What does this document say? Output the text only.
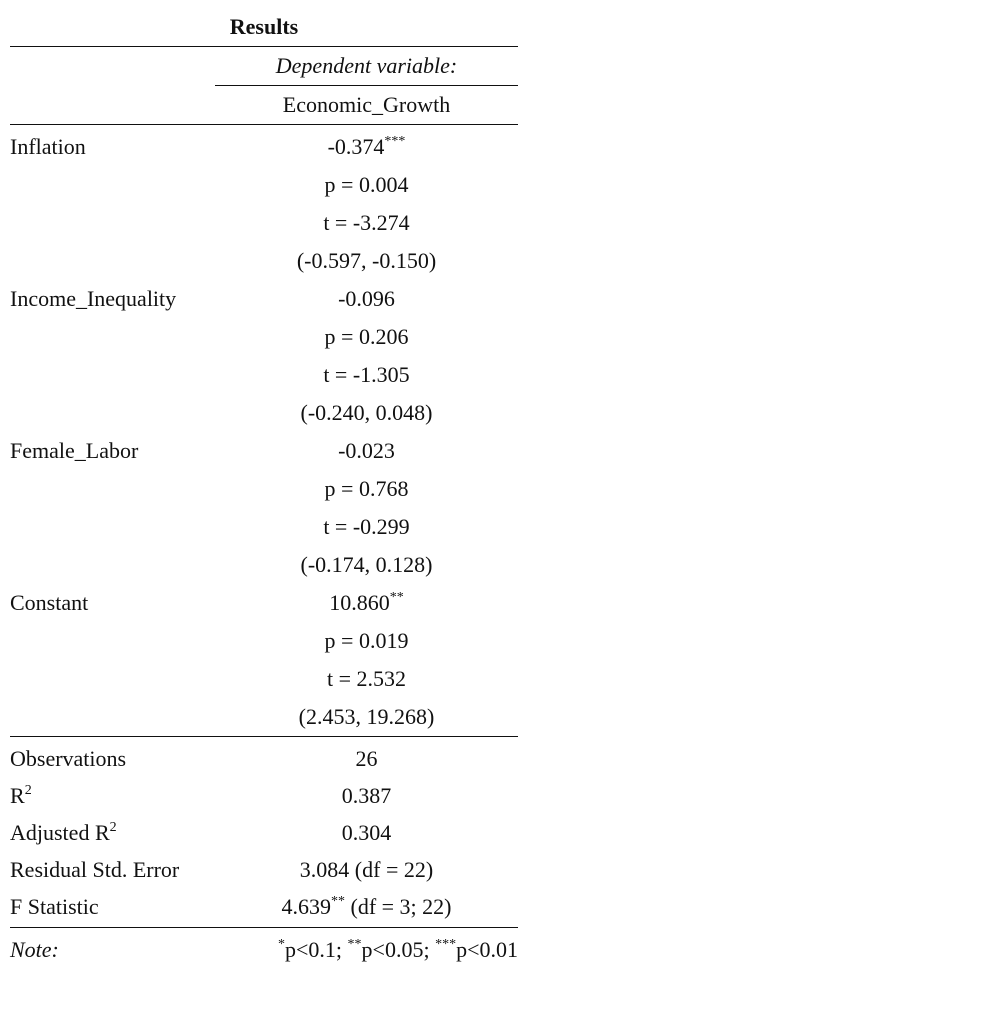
Results
Dependent variable:
Economic_Growth
Inflation	-0.374***
p = 0.004
t = -3.274
(-0.597, -0.150)
Income_Inequality	-0.096
p = 0.206
t = -1.305
(-0.240, 0.048)
Female_Labor	-0.023
p = 0.768
t = -0.299
(-0.174, 0.128)
Constant	10.860**
p = 0.019
t = 2.532
(2.453, 19.268)
Observations	26
$R^2$	0.387
Adjusted $R^2$	0.304
Residual Std. Error	3.084 (df = 22)
F Statistic	4.639** (df = 3; 22)
Note:	*p<0.1; **p<0.05; ***p<0.01
